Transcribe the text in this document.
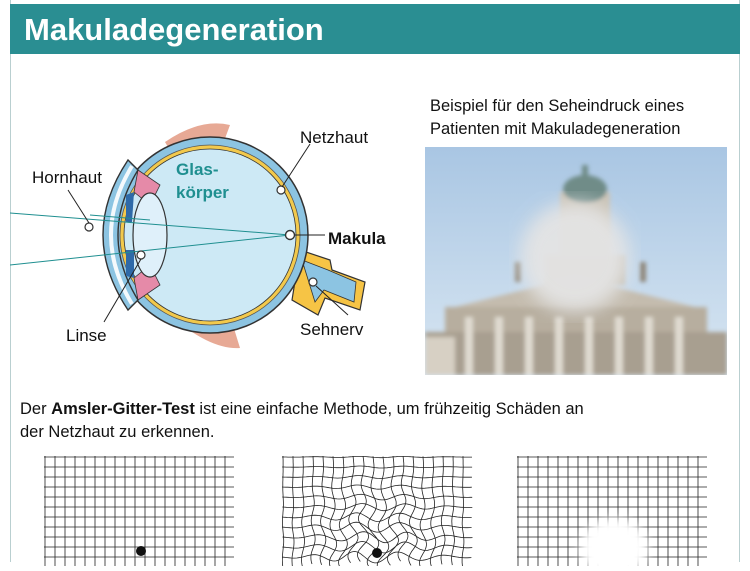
Makuladegeneration
Hornhaut	Glas-
körper
Netzhaut
Makula
Linse	Sehnerv
Beispiel für den Seheindruck eines
Patienten mit Makuladegeneration
Der Amsler-Gitter-Test ist eine einfache Methode, um frühzeitig Schäden an
der Netzhaut zu erkennen.
